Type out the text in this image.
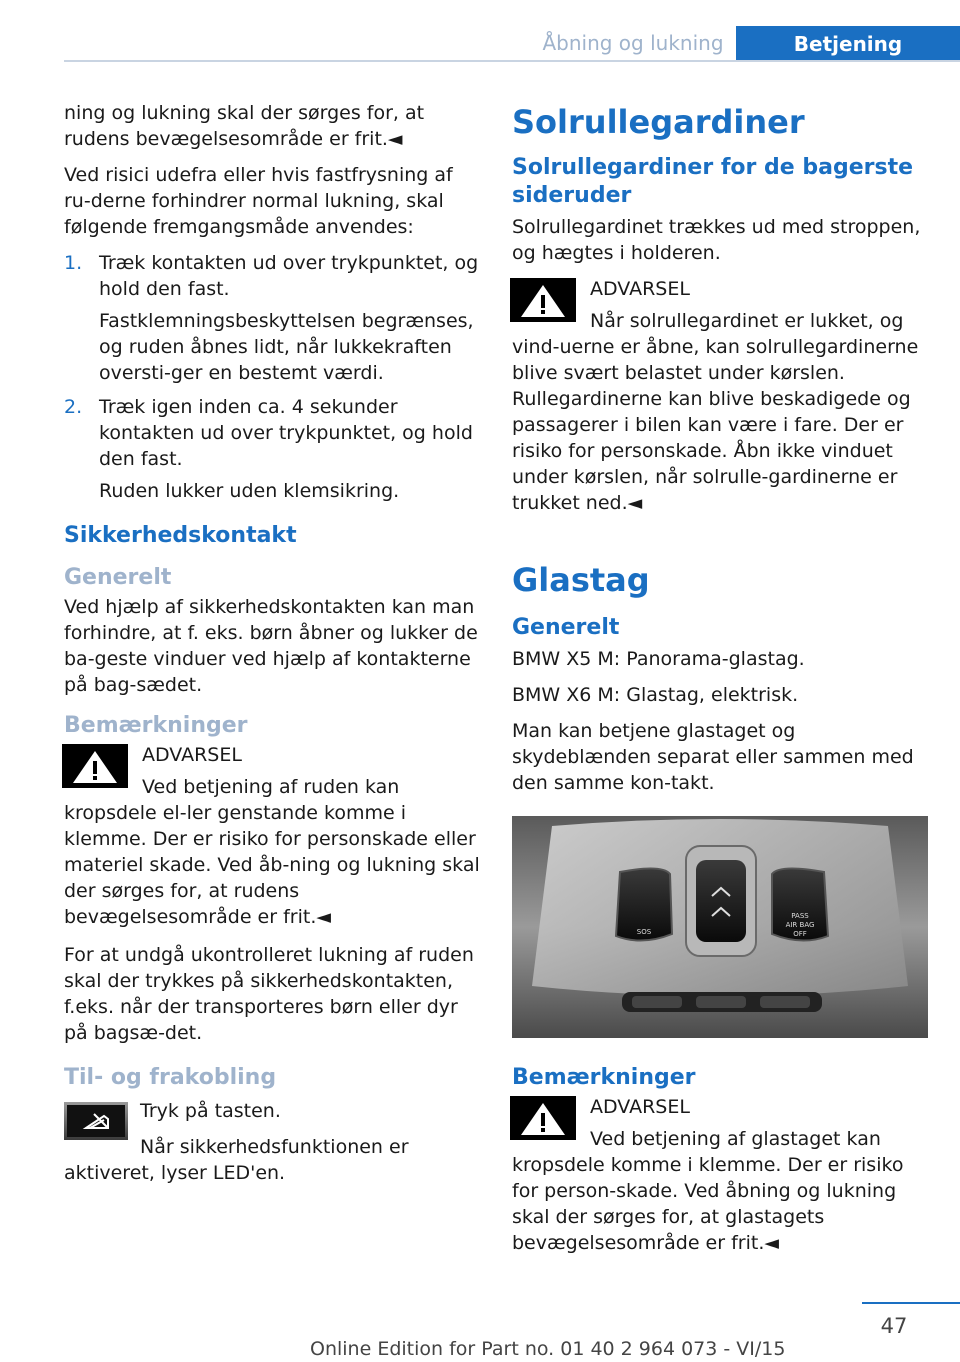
Åbning og lukning	Betjening

ning og lukning skal der sørges for, at rudens bevægelsesområde er frit.◄

Ved risici udefra eller hvis fastfrysning af ru‐derne forhindrer normal lukning, skal følgende fremgangsmåde anvendes:

1. Træk kontakten ud over trykpunktet, og hold den fast.

Fastklemningsbeskyttelsen begrænses, og ruden åbnes lidt, når lukkekraften oversti‐ger en bestemt værdi.

2. Træk igen inden ca. 4 sekunder kontakten ud over trykpunktet, og hold den fast.

Ruden lukker uden klemsikring.

Sikkerhedskontakt
Generelt

Ved hjælp af sikkerhedskontakten kan man forhindre, at f. eks. børn åbner og lukker de ba‐geste vinduer ved hjælp af kontakterne på bag‐sædet.

Bemærkninger

ADVARSEL

Ved betjening af ruden kan kropsdele el‐ler genstande komme i klemme. Der er risiko for personskade eller materiel skade. Ved åb‐ning og lukning skal der sørges for, at rudens bevægelsesområde er frit.◄

For at undgå ukontrolleret lukning af ruden skal der trykkes på sikkerhedskontakten, f.eks. når der transporteres børn eller dyr på bagsæ‐det.

Til- og frakobling

Tryk på tasten.

Når sikkerhedsfunktionen er aktiveret, lyser LED'en.

Solrullegardiner
Solrullegardiner for de bagerste sideruder

Solrullegardinet trækkes ud med stroppen, og hægtes i holderen.

ADVARSEL

Når solrullegardinet er lukket, og vind‐uerne er åbne, kan solrullegardinerne blive svært belastet under kørslen. Rullegardinerne kan blive beskadigede og passagerer i bilen kan være i fare. Der er risiko for personskade. Åbn ikke vinduet under kørslen, når solrulle‐gardinerne er trukket ned.◄

Glastag
Generelt

BMW X5 M: Panorama-glastag.

BMW X6 M: Glastag, elektrisk.

Man kan betjene glastaget og skydeblænden separat eller sammen med den samme kon‐takt.

SOS
PASS
AIR BAG
OFF
Bemærkninger

ADVARSEL

Ved betjening af glastaget kan kropsdele komme i klemme. Der er risiko for person‐skade. Ved åbning og lukning skal der sørges for, at glastagets bevægelsesområde er frit.◄

47
Online Edition for Part no. 01 40 2 964 073 - VI/15
